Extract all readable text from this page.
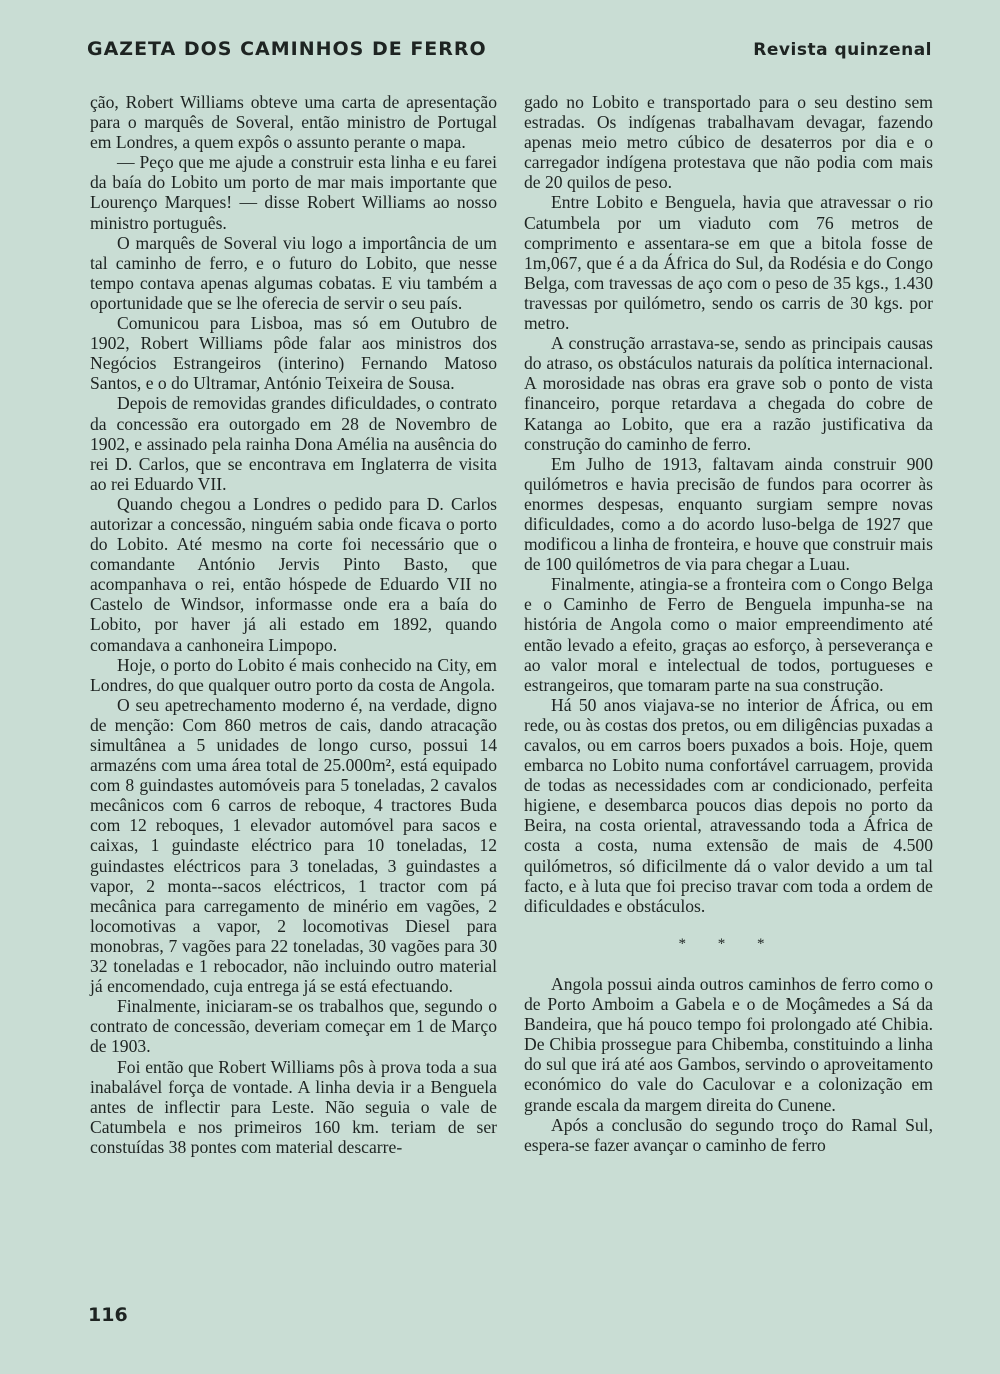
GAZETA DOS CAMINHOS DE FERRO	Revista quinzenal

ção, Robert Williams obteve uma carta de apresentação para o marquês de Soveral, então ministro de Portugal em Londres, a quem expôs o assunto perante o mapa.

— Peço que me ajude a construir esta linha e eu farei da baía do Lobito um porto de mar mais importante que Lourenço Marques! — disse Robert Williams ao nosso ministro português.

O marquês de Soveral viu logo a importância de um tal caminho de ferro, e o futuro do Lobito, que nesse tempo contava apenas algumas cobatas. E viu também a oportunidade que se lhe oferecia de servir o seu país.

Comunicou para Lisboa, mas só em Outubro de 1902, Robert Williams pôde falar aos ministros dos Negócios Estrangeiros (interino) Fernando Matoso Santos, e o do Ultramar, António Teixeira de Sousa.

Depois de removidas grandes dificuldades, o contrato da concessão era outorgado em 28 de Novembro de 1902, e assinado pela rainha Dona Amélia na ausência do rei D. Carlos, que se encontrava em Inglaterra de visita ao rei Eduardo VII.

Quando chegou a Londres o pedido para D. Carlos autorizar a concessão, ninguém sabia onde ficava o porto do Lobito. Até mesmo na corte foi necessário que o comandante António Jervis Pinto Basto, que acompanhava o rei, então hóspede de Eduardo VII no Castelo de Windsor, informasse onde era a baía do Lobito, por haver já ali estado em 1892, quando comandava a canhoneira Limpopo.

Hoje, o porto do Lobito é mais conhecido na City, em Londres, do que qualquer outro porto da costa de Angola.

O seu apetrechamento moderno é, na verdade, digno de menção: Com 860 metros de cais, dando atracação simultânea a 5 unidades de longo curso, possui 14 armazéns com uma área total de 25.000m², está equipado com 8 guindastes automóveis para 5 toneladas, 2 cavalos mecânicos com 6 carros de reboque, 4 tractores Buda com 12 reboques, 1 elevador automóvel para sacos e caixas, 1 guindaste eléctrico para 10 toneladas, 12 guindastes eléctricos para 3 toneladas, 3 guindastes a vapor, 2 monta--sacos eléctricos, 1 tractor com pá mecânica para carregamento de minério em vagões, 2 locomotivas a vapor, 2 locomotivas Diesel para monobras, 7 vagões para 22 toneladas, 30 vagões para 30 32 toneladas e 1 rebocador, não incluindo outro material já encomendado, cuja entrega já se está efectuando.

Finalmente, iniciaram-se os trabalhos que, segundo o contrato de concessão, deveriam começar em 1 de Março de 1903.

Foi então que Robert Williams pôs à prova toda a sua inabalável força de vontade. A linha devia ir a Benguela antes de inflectir para Leste. Não seguia o vale de Catumbela e nos primeiros 160 km. teriam de ser constuídas 38 pontes com material descarre-

gado no Lobito e transportado para o seu destino sem estradas. Os indígenas trabalhavam devagar, fazendo apenas meio metro cúbico de desaterros por dia e o carregador indígena protestava que não podia com mais de 20 quilos de peso.

Entre Lobito e Benguela, havia que atravessar o rio Catumbela por um viaduto com 76 metros de comprimento e assentara-se em que a bitola fosse de 1m,067, que é a da África do Sul, da Rodésia e do Congo Belga, com travessas de aço com o peso de 35 kgs., 1.430 travessas por quilómetro, sendo os carris de 30 kgs. por metro.

A construção arrastava-se, sendo as principais causas do atraso, os obstáculos naturais da política internacional. A morosidade nas obras era grave sob o ponto de vista financeiro, porque retardava a chegada do cobre de Katanga ao Lobito, que era a razão justificativa da construção do caminho de ferro.

Em Julho de 1913, faltavam ainda construir 900 quilómetros e havia precisão de fundos para ocorrer às enormes despesas, enquanto surgiam sempre novas dificuldades, como a do acordo luso-belga de 1927 que modificou a linha de fronteira, e houve que construir mais de 100 quilómetros de via para chegar a Luau.

Finalmente, atingia-se a fronteira com o Congo Belga e o Caminho de Ferro de Benguela impunha-se na história de Angola como o maior empreendimento até então levado a efeito, graças ao esforço, à perseverança e ao valor moral e intelectual de todos, portugueses e estrangeiros, que tomaram parte na sua construção.

Há 50 anos viajava-se no interior de África, ou em rede, ou às costas dos pretos, ou em diligências puxadas a cavalos, ou em carros boers puxados a bois. Hoje, quem embarca no Lobito numa confortável carruagem, provida de todas as necessidades com ar condicionado, perfeita higiene, e desembarca poucos dias depois no porto da Beira, na costa oriental, atravessando toda a África de costa a costa, numa extensão de mais de 4.500 quilómetros, só dificilmente dá o valor devido a um tal facto, e à luta que foi preciso travar com toda a ordem de dificuldades e obstáculos.

* * *

Angola possui ainda outros caminhos de ferro como o de Porto Amboim a Gabela e o de Moçâmedes a Sá da Bandeira, que há pouco tempo foi prolongado até Chibia. De Chibia prossegue para Chibemba, constituindo a linha do sul que irá até aos Gambos, servindo o aproveitamento económico do vale do Caculovar e a colonização em grande escala da margem direita do Cunene.

Após a conclusão do segundo troço do Ramal Sul, espera-se fazer avançar o caminho de ferro

116
